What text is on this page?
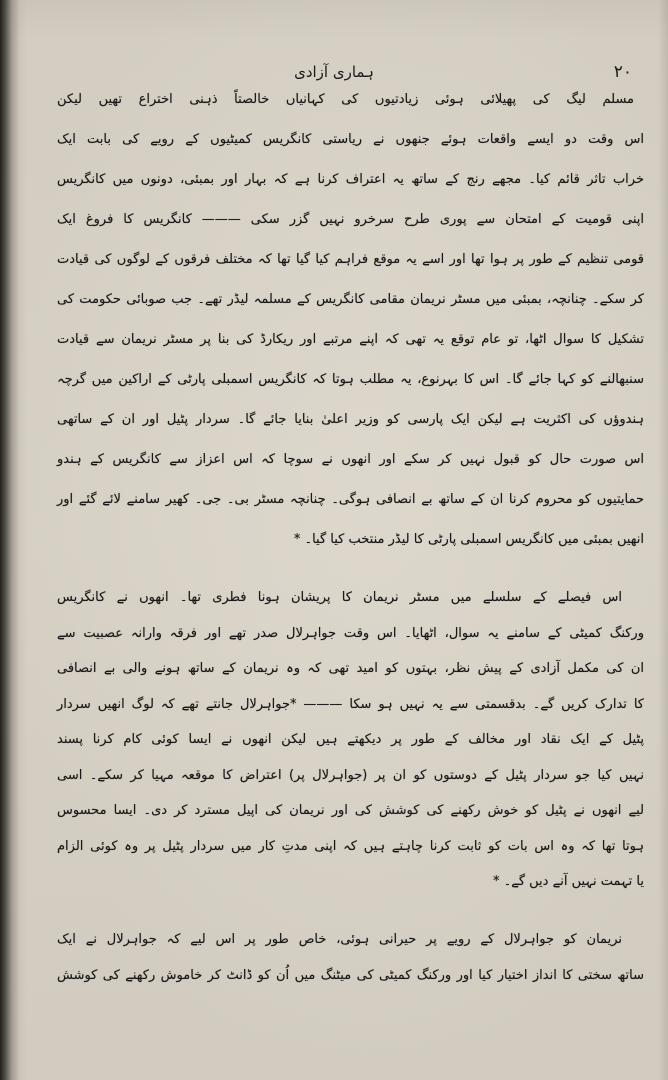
ہماری آزادی	۲۰
مسلم لیگ کی پھیلائی ہوئی زیادتیوں کی کہانیاں خالصتاً ذہنی اختراع تھیں لیکن
اس وقت دو ایسے واقعات ہوئے جنھوں نے ریاستی کانگریس کمیٹیوں کے رویے کی بابت ایک
خراب تاثر قائم کیا۔ مجھے رنج کے ساتھ یہ اعتراف کرنا ہے کہ بہار اور بمبئی، دونوں میں کانگریس
اپنی قومیت کے امتحان سے پوری طرح سرخرو نہیں گزر سکی ——— کانگریس کا فروغ ایک
قومی تنظیم کے طور پر ہوا تھا اور اسے یہ موقع فراہم کیا گیا تھا کہ مختلف فرقوں کے لوگوں کی قیادت
کر سکے۔ چنانچہ، بمبئی میں مسٹر نریمان مقامی کانگریس کے مسلمہ لیڈر تھے۔ جب صوبائی حکومت کی
تشکیل کا سوال اٹھا، تو عام توقع یہ تھی کہ اپنے مرتبے اور ریکارڈ کی بنا پر مسٹر نریمان سے قیادت
سنبھالنے کو کہا جائے گا۔ اس کا بہرنوع، یہ مطلب ہوتا کہ کانگریس اسمبلی پارٹی کے اراکین میں گرچہ
ہندوؤں کی اکثریت ہے لیکن ایک پارسی کو وزیر اعلیٰ بنایا جائے گا۔ سردار پٹیل اور ان کے ساتھی
اس صورت حال کو قبول نہیں کر سکے اور انھوں نے سوچا کہ اس اعزاز سے کانگریس کے ہندو
حمایتیوں کو محروم کرنا ان کے ساتھ بے انصافی ہوگی۔ چنانچہ مسٹر بی۔ جی۔ کھیر سامنے لائے گئے اور
انھیں بمبئی میں کانگریس اسمبلی پارٹی کا لیڈر منتخب کیا گیا۔ *
اس فیصلے کے سلسلے میں مسٹر نریمان کا پریشان ہونا فطری تھا۔ انھوں نے کانگریس
ورکنگ کمیٹی کے سامنے یہ سوال، اٹھایا۔ اس وقت جواہرلال صدر تھے اور فرقہ وارانہ عصبیت سے
ان کی مکمل آزادی کے پیش نظر، بہتوں کو امید تھی کہ وہ نریمان کے ساتھ ہونے والی بے انصافی
کا تدارک کریں گے۔ بدقسمتی سے یہ نہیں ہو سکا ——— *جواہرلال جانتے تھے کہ لوگ انھیں سردار
پٹیل کے ایک نقاد اور مخالف کے طور پر دیکھتے ہیں لیکن انھوں نے ایسا کوئی کام کرنا پسند
نہیں کیا جو سردار پٹیل کے دوستوں کو ان پر (جواہرلال پر) اعتراض کا موقعہ مہیا کر سکے۔ اسی
لیے انھوں نے پٹیل کو خوش رکھنے کی کوشش کی اور نریمان کی اپیل مسترد کر دی۔ ایسا محسوس
ہوتا تھا کہ وہ اس بات کو ثابت کرنا چاہتے ہیں کہ اپنی مدتِ کار میں سردار پٹیل پر وہ کوئی الزام
یا تہمت نہیں آنے دیں گے۔ *
نریمان کو جواہرلال کے رویے پر حیرانی ہوئی، خاص طور پر اس لیے کہ جواہرلال نے ایک
ساتھ سختی کا انداز اختیار کیا اور ورکنگ کمیٹی کی میٹنگ میں اُن کو ڈانٹ کر خاموش رکھنے کی کوشش
